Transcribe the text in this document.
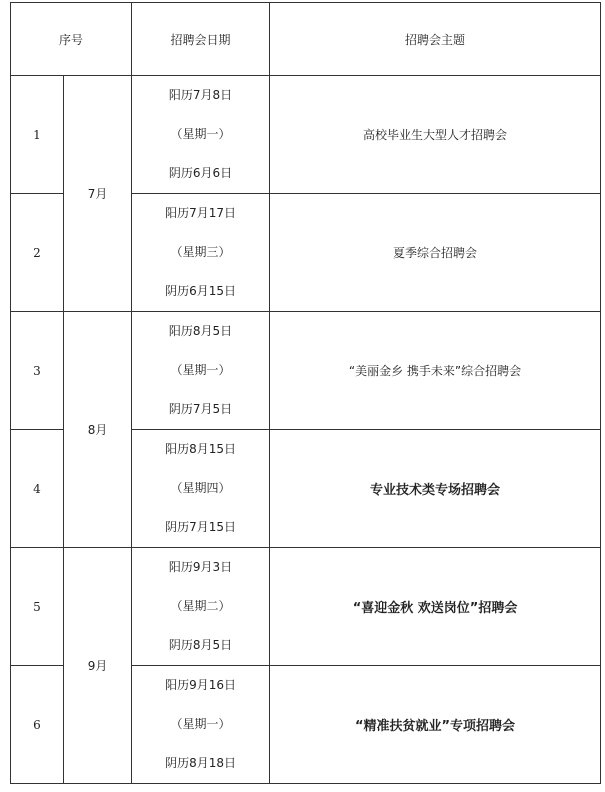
序号		招聘会日期	招聘会主题
1	7月	阳历7月8日
（星期一）
阴历6月6日	高校毕业生大型人才招聘会
2		阳历7月17日
（星期三）
阴历6月15日	夏季综合招聘会
3	8月	阳历8月5日
（星期一）
阴历7月5日	“美丽金乡 携手未来”综合招聘会
4		阳历8月15日
（星期四）
阴历7月15日	专业技术类专场招聘会
5	9月	阳历9月3日
（星期二）
阴历8月5日	“喜迎金秋 欢送岗位”招聘会
6		阳历9月16日
（星期一）
阴历8月18日	“精准扶贫就业”专项招聘会
